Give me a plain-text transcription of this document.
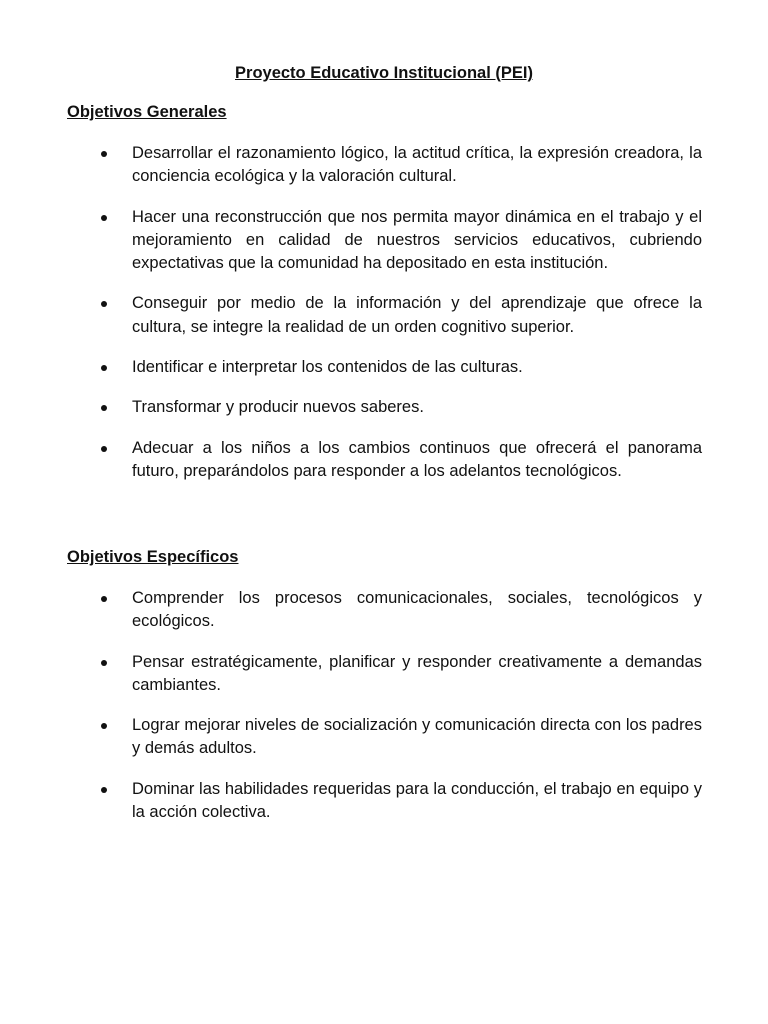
Proyecto Educativo Institucional (PEI)
Objetivos Generales
Desarrollar el razonamiento lógico, la actitud crítica, la expresión creadora, la conciencia ecológica y la valoración cultural.
Hacer una reconstrucción que nos permita mayor dinámica en el trabajo y el mejoramiento en calidad de nuestros servicios educativos, cubriendo expectativas que la comunidad ha depositado en esta institución.
Conseguir por medio de la información y del aprendizaje que ofrece la cultura, se integre la realidad de un orden cognitivo superior.
Identificar e interpretar los contenidos de las culturas.
Transformar y producir nuevos saberes.
Adecuar a los niños a los cambios continuos que ofrecerá el panorama futuro, preparándolos para responder a los adelantos tecnológicos.
Objetivos Específicos
Comprender los procesos comunicacionales, sociales, tecnológicos y ecológicos.
Pensar estratégicamente, planificar y responder creativamente a demandas cambiantes.
Lograr mejorar niveles de socialización y comunicación directa con los padres y demás adultos.
Dominar las habilidades requeridas para la conducción, el trabajo en equipo y la acción colectiva.
